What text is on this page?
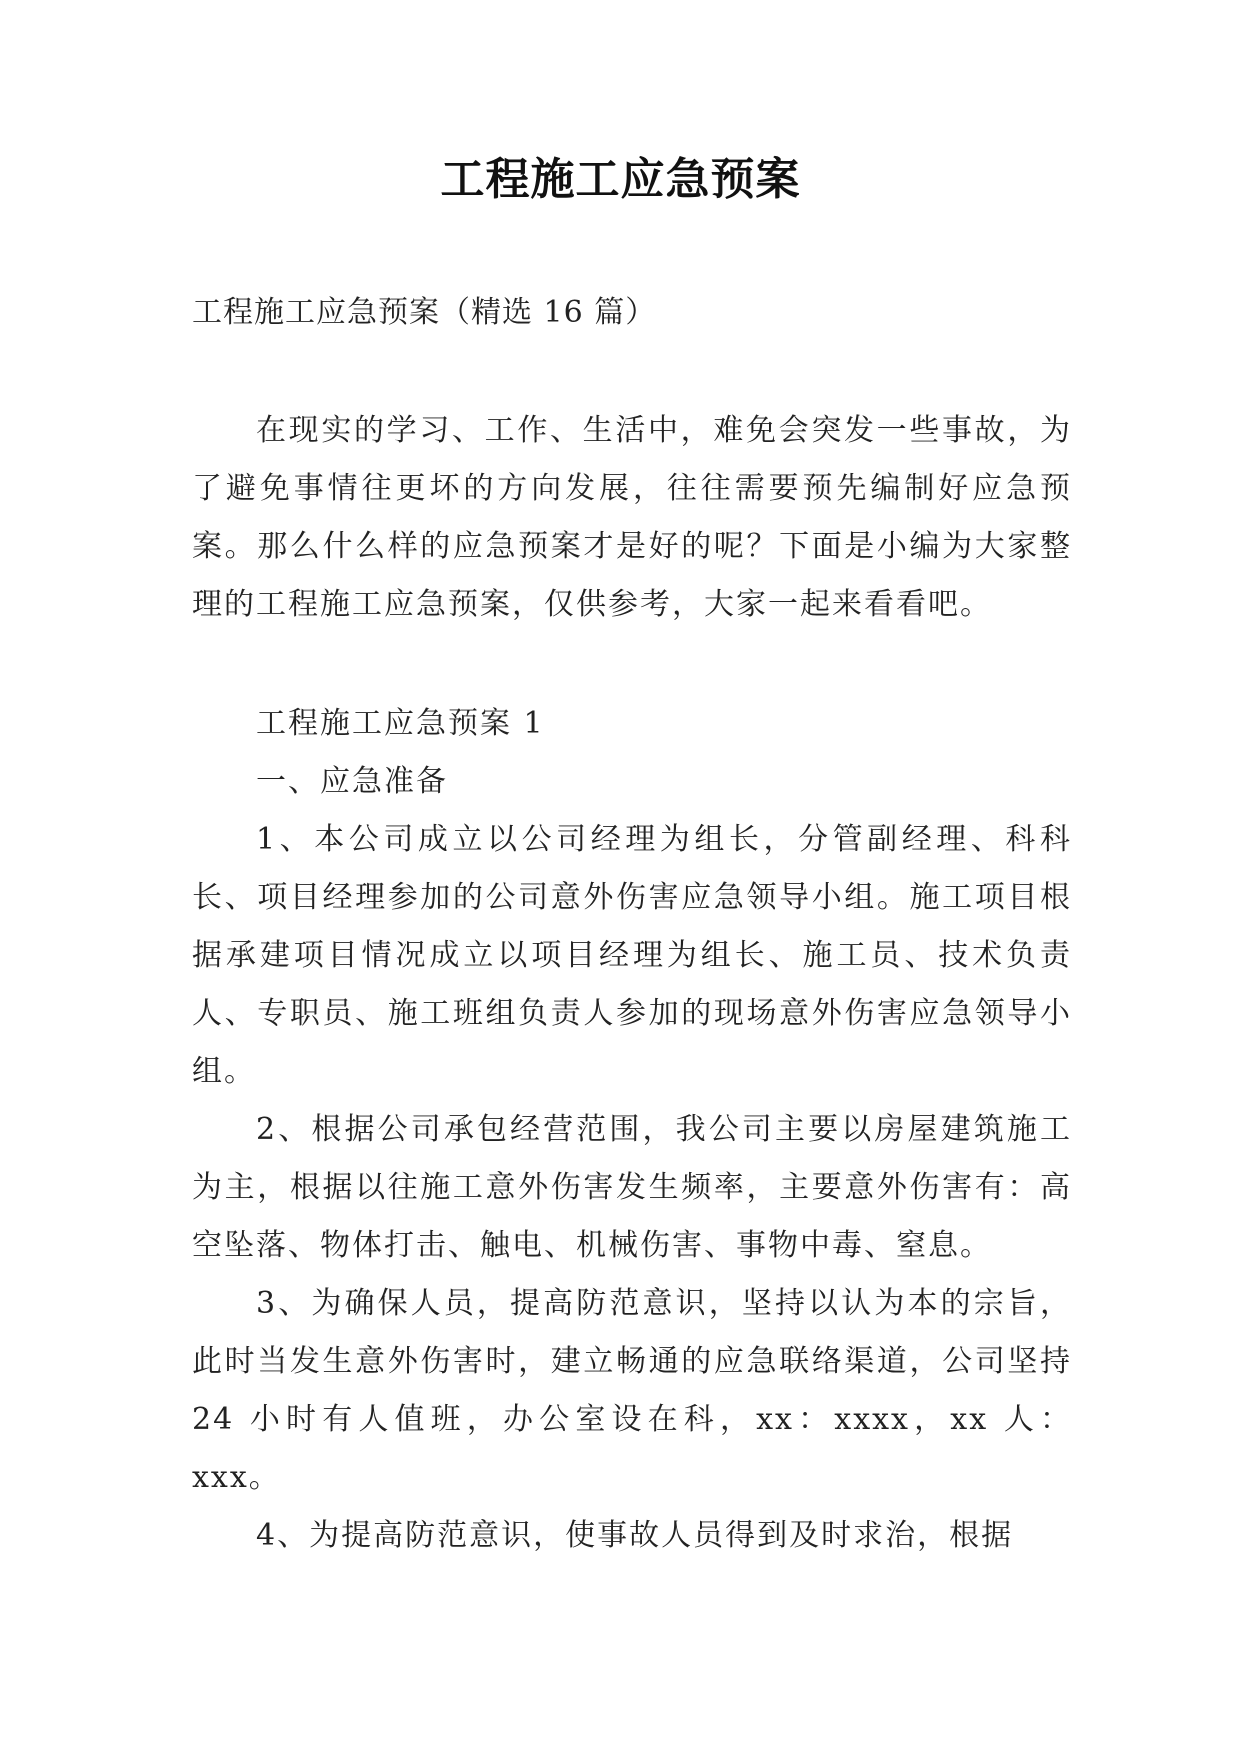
工程施工应急预案

工程施工应急预案（精选 16 篇）

在现实的学习、工作、生活中，难免会突发一些事故，为了避免事情往更坏的方向发展，往往需要预先编制好应急预案。那么什么样的应急预案才是好的呢？下面是小编为大家整理的工程施工应急预案，仅供参考，大家一起来看看吧。

工程施工应急预案 1

一、应急准备

1、本公司成立以公司经理为组长，分管副经理、科科长、项目经理参加的公司意外伤害应急领导小组。施工项目根据承建项目情况成立以项目经理为组长、施工员、技术负责人、专职员、施工班组负责人参加的现场意外伤害应急领导小组。

2、根据公司承包经营范围，我公司主要以房屋建筑施工为主，根据以往施工意外伤害发生频率，主要意外伤害有：高空坠落、物体打击、触电、机械伤害、事物中毒、窒息。

3、为确保人员，提高防范意识，坚持以认为本的宗旨，此时当发生意外伤害时，建立畅通的应急联络渠道，公司坚持 24 小时有人值班，办公室设在科，xx：xxxx，xx 人：xxx。

4、为提高防范意识，使事故人员得到及时求治，根据
